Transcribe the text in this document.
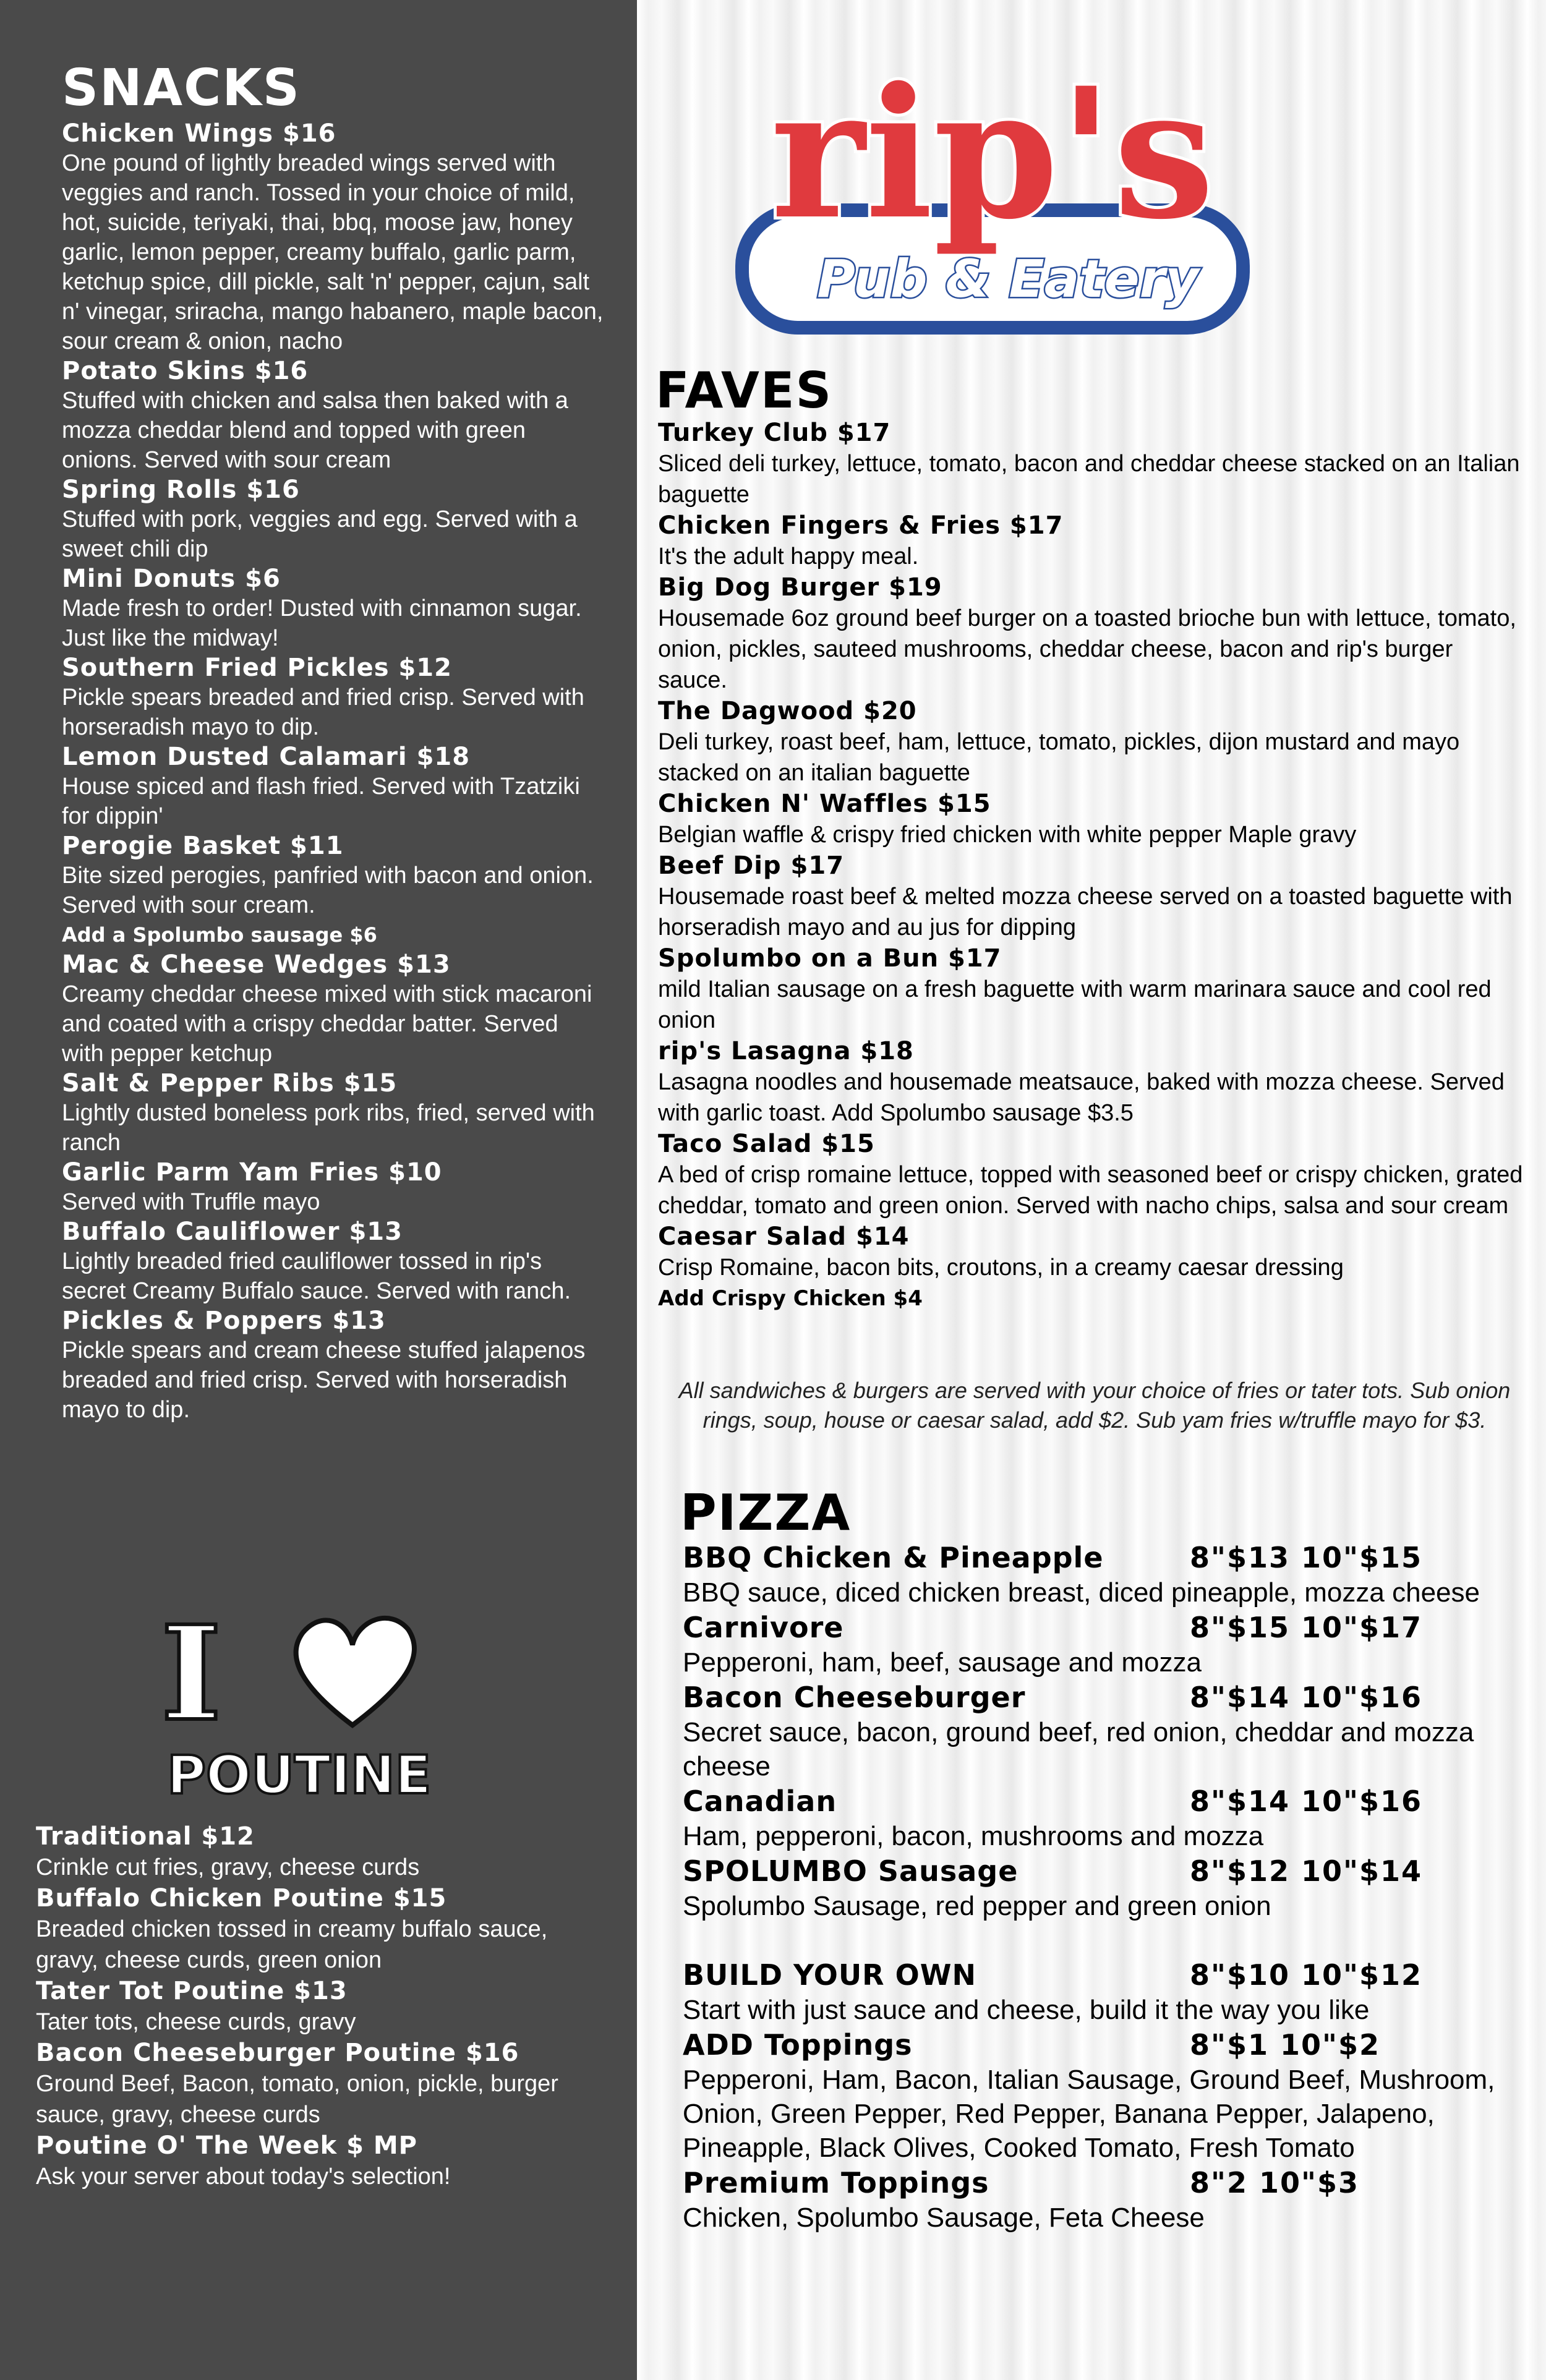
SNACKS
Chicken Wings $16
One pound of lightly breaded wings served with veggies and ranch. Tossed in your choice of mild, hot, suicide, teriyaki, thai, bbq, moose jaw, honey garlic, lemon pepper, creamy buffalo, garlic parm, ketchup spice, dill pickle, salt 'n' pepper, cajun, salt n' vinegar, sriracha, mango habanero, maple bacon, sour cream & onion, nacho
Potato Skins $16
Stuffed with chicken and salsa then baked with a mozza cheddar blend and topped with green onions. Served with sour cream
Spring Rolls $16
Stuffed with pork, veggies and egg. Served with a sweet chili dip
Mini Donuts $6
Made fresh to order! Dusted with cinnamon sugar. Just like the midway!
Southern Fried Pickles $12
Pickle spears breaded and fried crisp. Served with horseradish mayo to dip.
Lemon Dusted Calamari $18
House spiced and flash fried. Served with Tzatziki for dippin'
Perogie Basket $11
Bite sized perogies, panfried with bacon and onion. Served with sour cream.
Add a Spolumbo sausage $6
Mac & Cheese Wedges $13
Creamy cheddar cheese mixed with stick macaroni and coated with a crispy cheddar batter. Served with pepper ketchup
Salt & Pepper Ribs $15
Lightly dusted boneless pork ribs, fried, served with ranch
Garlic Parm Yam Fries $10
Served with Truffle mayo
Buffalo Cauliflower $13
Lightly breaded fried cauliflower tossed in rip's secret Creamy Buffalo sauce. Served with ranch.
Pickles & Poppers $13
Pickle spears and cream cheese stuffed jalapenos breaded and fried crisp. Served with horseradish mayo to dip.
I
POUTINE
Traditional $12
Crinkle cut fries, gravy, cheese curds
Buffalo Chicken Poutine $15
Breaded chicken tossed in creamy buffalo sauce, gravy, cheese curds, green onion
Tater Tot Poutine $13
Tater tots, cheese curds, gravy
Bacon Cheeseburger Poutine $16
Ground Beef, Bacon, tomato, onion, pickle, burger sauce, gravy, cheese curds
Poutine O' The Week $ MP
Ask your server about today's selection!
rip's
Pub & Eatery
FAVES
Turkey Club $17
Sliced deli turkey, lettuce, tomato, bacon and cheddar cheese stacked on an Italian baguette
Chicken Fingers & Fries $17
It's the adult happy meal.
Big Dog Burger $19
Housemade 6oz ground beef burger on a toasted brioche bun with lettuce, tomato, onion, pickles, sauteed mushrooms, cheddar cheese, bacon and rip's burger sauce.
The Dagwood $20
Deli turkey, roast beef, ham, lettuce, tomato, pickles, dijon mustard and mayo stacked on an italian baguette
Chicken N' Waffles $15
Belgian waffle & crispy fried chicken with white pepper Maple gravy
Beef Dip $17
Housemade roast beef & melted mozza cheese served on a toasted baguette with horseradish mayo and au jus for dipping
Spolumbo on a Bun $17
mild Italian sausage on a fresh baguette with warm marinara sauce and cool red onion
rip's Lasagna $18
Lasagna noodles and housemade meatsauce, baked with mozza cheese. Served with garlic toast. Add Spolumbo sausage $3.5
Taco Salad $15
A bed of crisp romaine lettuce, topped with seasoned beef or crispy chicken, grated cheddar, tomato and green onion. Served with nacho chips, salsa and sour cream
Caesar Salad $14
Crisp Romaine, bacon bits, croutons, in a creamy caesar dressing
Add Crispy Chicken $4
All sandwiches & burgers are served with your choice of fries or tater tots. Sub onion rings, soup, house or caesar salad, add $2. Sub yam fries w/truffle mayo for $3.
PIZZA
BBQ Chicken & Pineapple	8"$13 10"$15
BBQ sauce, diced chicken breast, diced pineapple, mozza cheese
Carnivore	8"$15 10"$17
Pepperoni, ham, beef, sausage and mozza
Bacon Cheeseburger	8"$14 10"$16
Secret sauce, bacon, ground beef, red onion, cheddar and mozza cheese
Canadian	8"$14 10"$16
Ham, pepperoni, bacon, mushrooms and mozza
SPOLUMBO Sausage	8"$12 10"$14
Spolumbo Sausage, red pepper and green onion
BUILD YOUR OWN	8"$10 10"$12
Start with just sauce and cheese, build it the way you like
ADD Toppings	8"$1 10"$2
Pepperoni, Ham, Bacon, Italian Sausage, Ground Beef, Mushroom, Onion, Green Pepper, Red Pepper, Banana Pepper, Jalapeno, Pineapple, Black Olives, Cooked Tomato, Fresh Tomato
Premium Toppings	8"2 10"$3
Chicken, Spolumbo Sausage, Feta Cheese
